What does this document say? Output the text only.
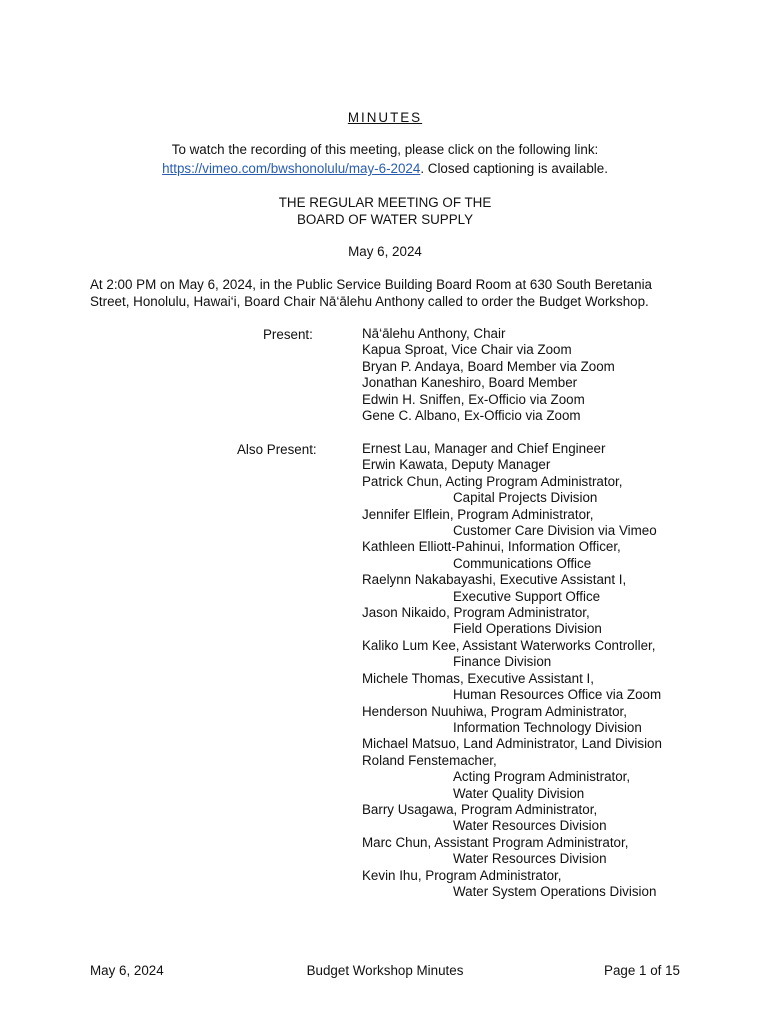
MINUTES
To watch the recording of this meeting, please click on the following link:
https://vimeo.com/bwshonolulu/may-6-2024. Closed captioning is available.
THE REGULAR MEETING OF THE
BOARD OF WATER SUPPLY
May 6, 2024
At 2:00 PM on May 6, 2024, in the Public Service Building Board Room at 630 South Beretania
Street, Honolulu, Hawai‘i, Board Chair Nā‘ālehu Anthony called to order the Budget Workshop.
Present:	Nā‘ālehu Anthony, Chair
Kapua Sproat, Vice Chair via Zoom
Bryan P. Andaya, Board Member via Zoom
Jonathan Kaneshiro, Board Member
Edwin H. Sniffen, Ex-Officio via Zoom
Gene C. Albano, Ex-Officio via Zoom
Also Present:	Ernest Lau, Manager and Chief Engineer
Erwin Kawata, Deputy Manager
Patrick Chun, Acting Program Administrator,
Capital Projects Division
Jennifer Elflein, Program Administrator,
Customer Care Division via Vimeo
Kathleen Elliott-Pahinui, Information Officer,
Communications Office
Raelynn Nakabayashi, Executive Assistant I,
Executive Support Office
Jason Nikaido, Program Administrator,
Field Operations Division
Kaliko Lum Kee, Assistant Waterworks Controller,
Finance Division
Michele Thomas, Executive Assistant I,
Human Resources Office via Zoom
Henderson Nuuhiwa, Program Administrator,
Information Technology Division
Michael Matsuo, Land Administrator, Land Division
Roland Fenstemacher,
Acting Program Administrator,
Water Quality Division
Barry Usagawa, Program Administrator,
Water Resources Division
Marc Chun, Assistant Program Administrator,
Water Resources Division
Kevin Ihu, Program Administrator,
Water System Operations Division
May 6, 2024	Budget Workshop Minutes	Page 1 of 15
